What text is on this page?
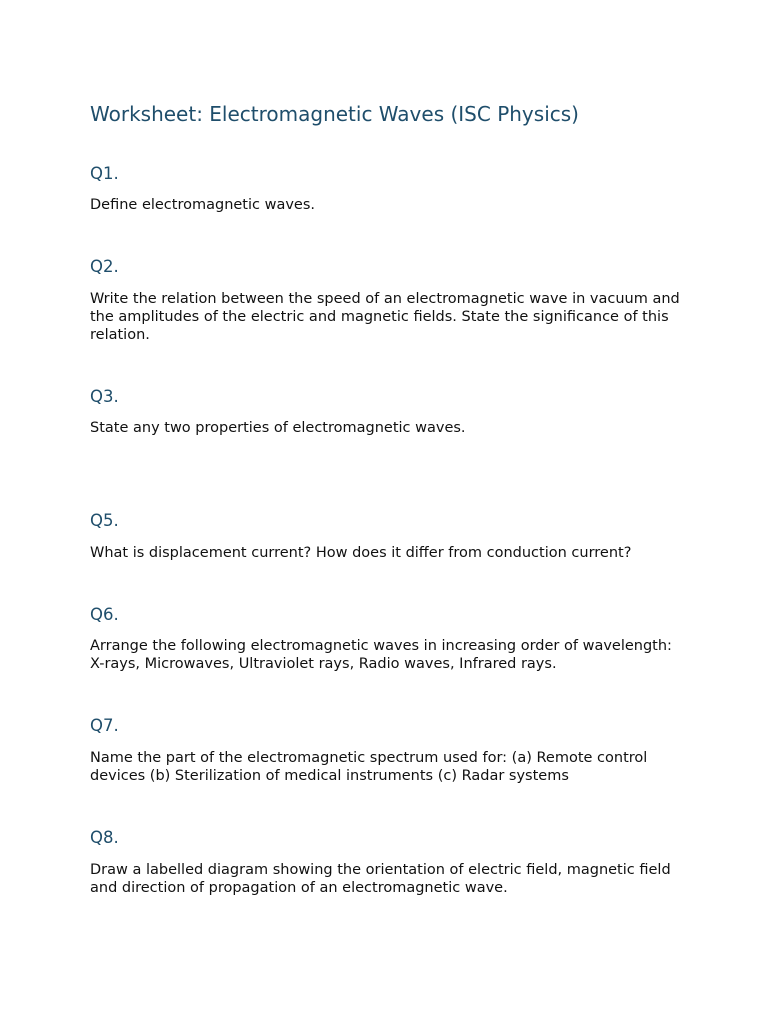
Worksheet: Electromagnetic Waves (ISC Physics)
Q1.

Define electromagnetic waves.

Q2.

Write the relation between the speed of an electromagnetic wave in vacuum and the amplitudes of the electric and magnetic fields. State the significance of this relation.

Q3.

State any two properties of electromagnetic waves.

Q5.

What is displacement current? How does it differ from conduction current?

Q6.

Arrange the following electromagnetic waves in increasing order of wavelength: X-rays, Microwaves, Ultraviolet rays, Radio waves, Infrared rays.

Q7.

Name the part of the electromagnetic spectrum used for: (a) Remote control devices (b) Sterilization of medical instruments (c) Radar systems

Q8.

Draw a labelled diagram showing the orientation of electric field, magnetic field and direction of propagation of an electromagnetic wave.
